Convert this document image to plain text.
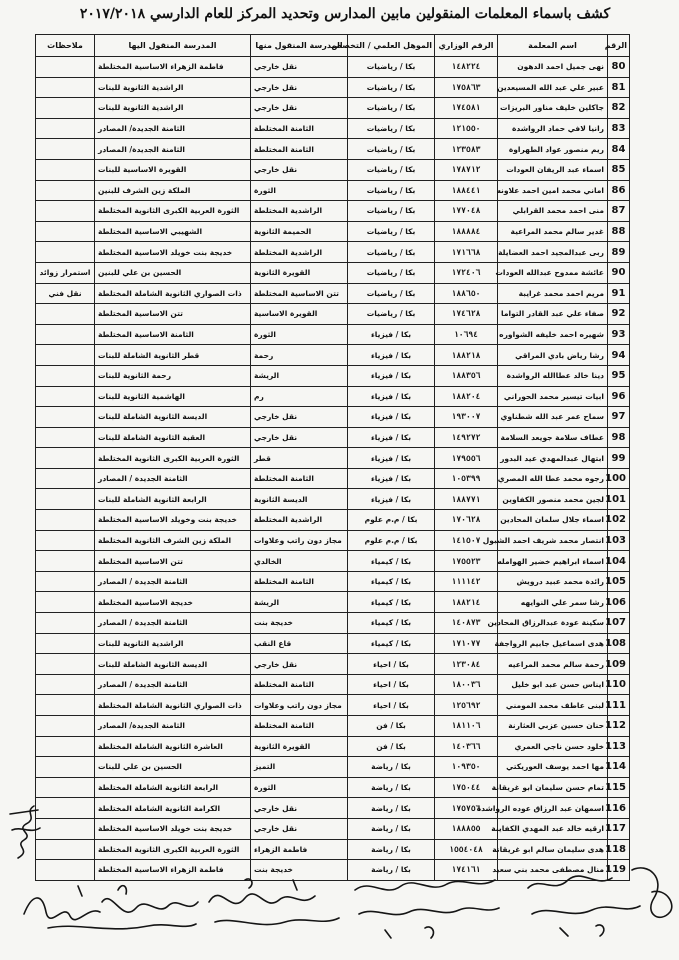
كشف باسماء المعلمات المنقولين مابين المدارس وتحديد المركز للعام الدارسي ٢٠١٧/٢٠١٨
الرقم	اسم المعلمة	الرقم الوزاري	الموهل العلمي / التخصص	المدرسة المنقول منها	المدرسة المنقول اليها	ملاحظات
80	نهى جميل احمد الدهون	١٤٨٢٢٤	بكا / رياضيات	نقل خارجي	فاطمة الزهراء الاساسية المختلطة	
81	عبير علي عبد الله المسيعدين	١٧٥٨٦٣	بكا / رياضيات	نقل خارجي	الراشدية الثانوية للبنات	
82	جاكلين خليف مناور البريزات	١٧٤٥٨١	بكا / رياضيات	نقل خارجي	الراشدية الثانوية للبنات	
83	رانيا لافي حماد الرواشدة	١٢١٥٥٠	بكا / رياضيات	الثامنة المختلطة	الثامنة الجديدة/ المصادر	
84	ريم منصور عواد الطهراوة	١٢٣٥٨٣	بكا / رياضيات	الثامنة المختلطة	الثامنة الجديدة/ المصادر	
85	اسماء عبد الريفان العودات	١٧٨٧١٢	بكا / رياضيات	نقل خارجي	القويرة الاساسية للبنات	
86	اماني محمد امين احمد علاونه	١٨٨٤٤١	بكا / رياضيات	الثورة	الملكة زين الشرف للبنين	
87	منى احمد محمد القرابلي	١٧٧٠٤٨	بكا / رياضيات	الراشدية المختلطة	الثورة العربية الكبرى الثانوية المختلطة	
88	غدير سالم محمد المراعية	١٨٨٨٨٤	بكا / رياضيات	الحميمة الثانوية	الشهيبي الاساسية المختلطة	
89	ربى عبدالمجيد احمد العضايلة	١٧١٦٦٨	بكا / رياضيات	الراشدية المختلطة	خديجة بنت خويلد الاساسية المختلطة	
90	عائشة ممدوح عبدالله العودات	١٧٢٤٠٦	بكا / رياضيات	القويرة الثانوية	الحسين بن علي للبنين	استمرار زوائد
91	مريم احمد محمد غرايبة	١٨٨٦٥٠	بكا / رياضيات	تتن الاساسية المختلطة	ذات الصواري الثانوية الشاملة المختلطة	نقل فني
92	صفاء علي عبد القادر التواما	١٧٤٦٢٨	بكا / رياضيات	القويرة الاساسية	تتن الاساسية المختلطة	
93	شهيره احمد خليفه الشواوره	١٠٦٩٤	بكا / فيزياء	الثورة	الثامنة الاساسية المختلطة	
94	رشا رياض بادي المراقي	١٨٨٢١٨	بكا / فيزياء	رحمة	قطر الثانوية الشاملة للبنات	
95	دينا خالد عطاالله الرواشدة	١٨٨٣٥٦	بكا / فيزياء	الريشة	رحمة الثانوية للبنات	
96	ابيات تيسير محمد الحوراني	١٨٨٢٠٤	بكا / فيزياء	رم	الهاشمية الثانوية للبنات	
97	سماح عمر عبد الله شطناوي	١٩٣٠٠٧	بكا / فيزياء	نقل خارجي	الديسة الثانوية الشاملة للبنات	
98	عطاف سلامة جويعد السلامة	١٤٩٢٧٢	بكا / فيزياء	نقل خارجي	العقبة الثانوية الشاملة للبنات	
99	ابتهال عبدالمهدي عيد البدور	١٧٩٥٥٦	بكا / فيزياء	قطر	الثورة العربية الكبرى الثانوية المختلطة	
100	رجوه محمد عطا الله المصري	١٠٥٣٩٩	بكا / فيزياء	الثامنة المختلطة	الثامنة الجديدة / المصادر	
101	لجين محمد منصور الكفاوين	١٨٨٧٧١	بكا / فيزياء	الديسة الثانوية	الرابعة الثانوية الشاملة للبنات	
102	اسماء جلال سلمان المحادين	١٧٠٦٢٨	بكا / م.م علوم	الراشدية المختلطة	خديجة بنت وخويلد الاساسية المختلطة	
103	انتصار محمد شريف احمد الشبول	١٤١٥٠٧	بكا / م.م علوم	مجاز دون راتب وعلاوات	الملكة زين الشرف الثانوية المختلطة	
104	اسماء ابراهيم خضير الهوامله	١٧٥٥٢٣	بكا / كيمياء	الخالدي	تتن الاساسية المختلطة	
105	رائدة محمد عبيد درويش	١١١١٤٢	بكا / كيمياء	الثامنة المختلطة	الثامنة الجديدة / المصادر	
106	رشا سمر علي النوايهه	١٨٨٢١٤	بكا / كيمياء	الريشة	خديجة الاساسية المختلطة	
107	سكينة عودة عبدالرزاق المحادين	١٤٠٨٧٣	بكا / كيمياء	خديجة بنت	الثامنة الجديدة / المصادر	
108	هدى اسماعيل جابيم الرواجفة	١٧١٠٧٧	بكا / كيمياء	قاع النقب	الراشدية الثانوية للبنات	
109	رحمة سالم محمد المراعيه	١٢٣٠٨٤	بكا / احياء	نقل خارجي	الديسة الثانوية الشاملة للبنات	
110	ايناس حسن عبد ابو خليل	١٨٠٠٣٦	بكا / احياء	الثامنة المختلطة	الثامنة الجديدة / المصادر	
111	لبنى عاطف محمد المومني	١٢٥٦٩٢	بكا / احياء	مجاز دون راتب وعلاوات	ذات الصواري الثانوية الشاملة المختلطة	
112	حنان حسين عزبي العثارنة	١٨١١٠٦	بكا / فن	الثامنة المختلطة	الثامنة الجديدة/ المصادر	
113	خلود حسن ناجي العمري	١٤٠٣٦٦	بكا / فن	القويرة الثانوية	العاشرة الثانوية الشاملة المختلطة	
114	مها احمد يوسف العوريكتي	١٠٩٣٥٠	بكا / رياضة	التميز	الحسين بن علي للبنات	
115	تمام حسن سليمان ابو غريقانة	١٧٥٠٤٤	بكا / رياضة	الثورة	الرابعة الثانوية الشاملة المختلطة	
116	اسمهان عبد الرزاق عوده الرواشدة	١٧٥٧٥٦	بكا / رياضة	نقل خارجي	الكرامة الثانوية الشاملة المختلطة	
117	ارقيه خالد عبد المهدي الكفاينة	١٨٨٨٥٥	بكا / رياضة	نقل خارجي	خديجة بنت خويلد الاساسية المختلطة	
118	هدى سليمان سالم ابو غريقانة	١٥٥٤٠٤٨	بكا / رياضة	فاطمة الزهراء	الثورة العربية الكبرى الثانوية المختلطة	
119	منال مصطفى محمد بني سعيد	١٧٤١٦١	بكا / رياضة	خديجة بنت	فاطمة الزهراء الاساسية المختلطة	
